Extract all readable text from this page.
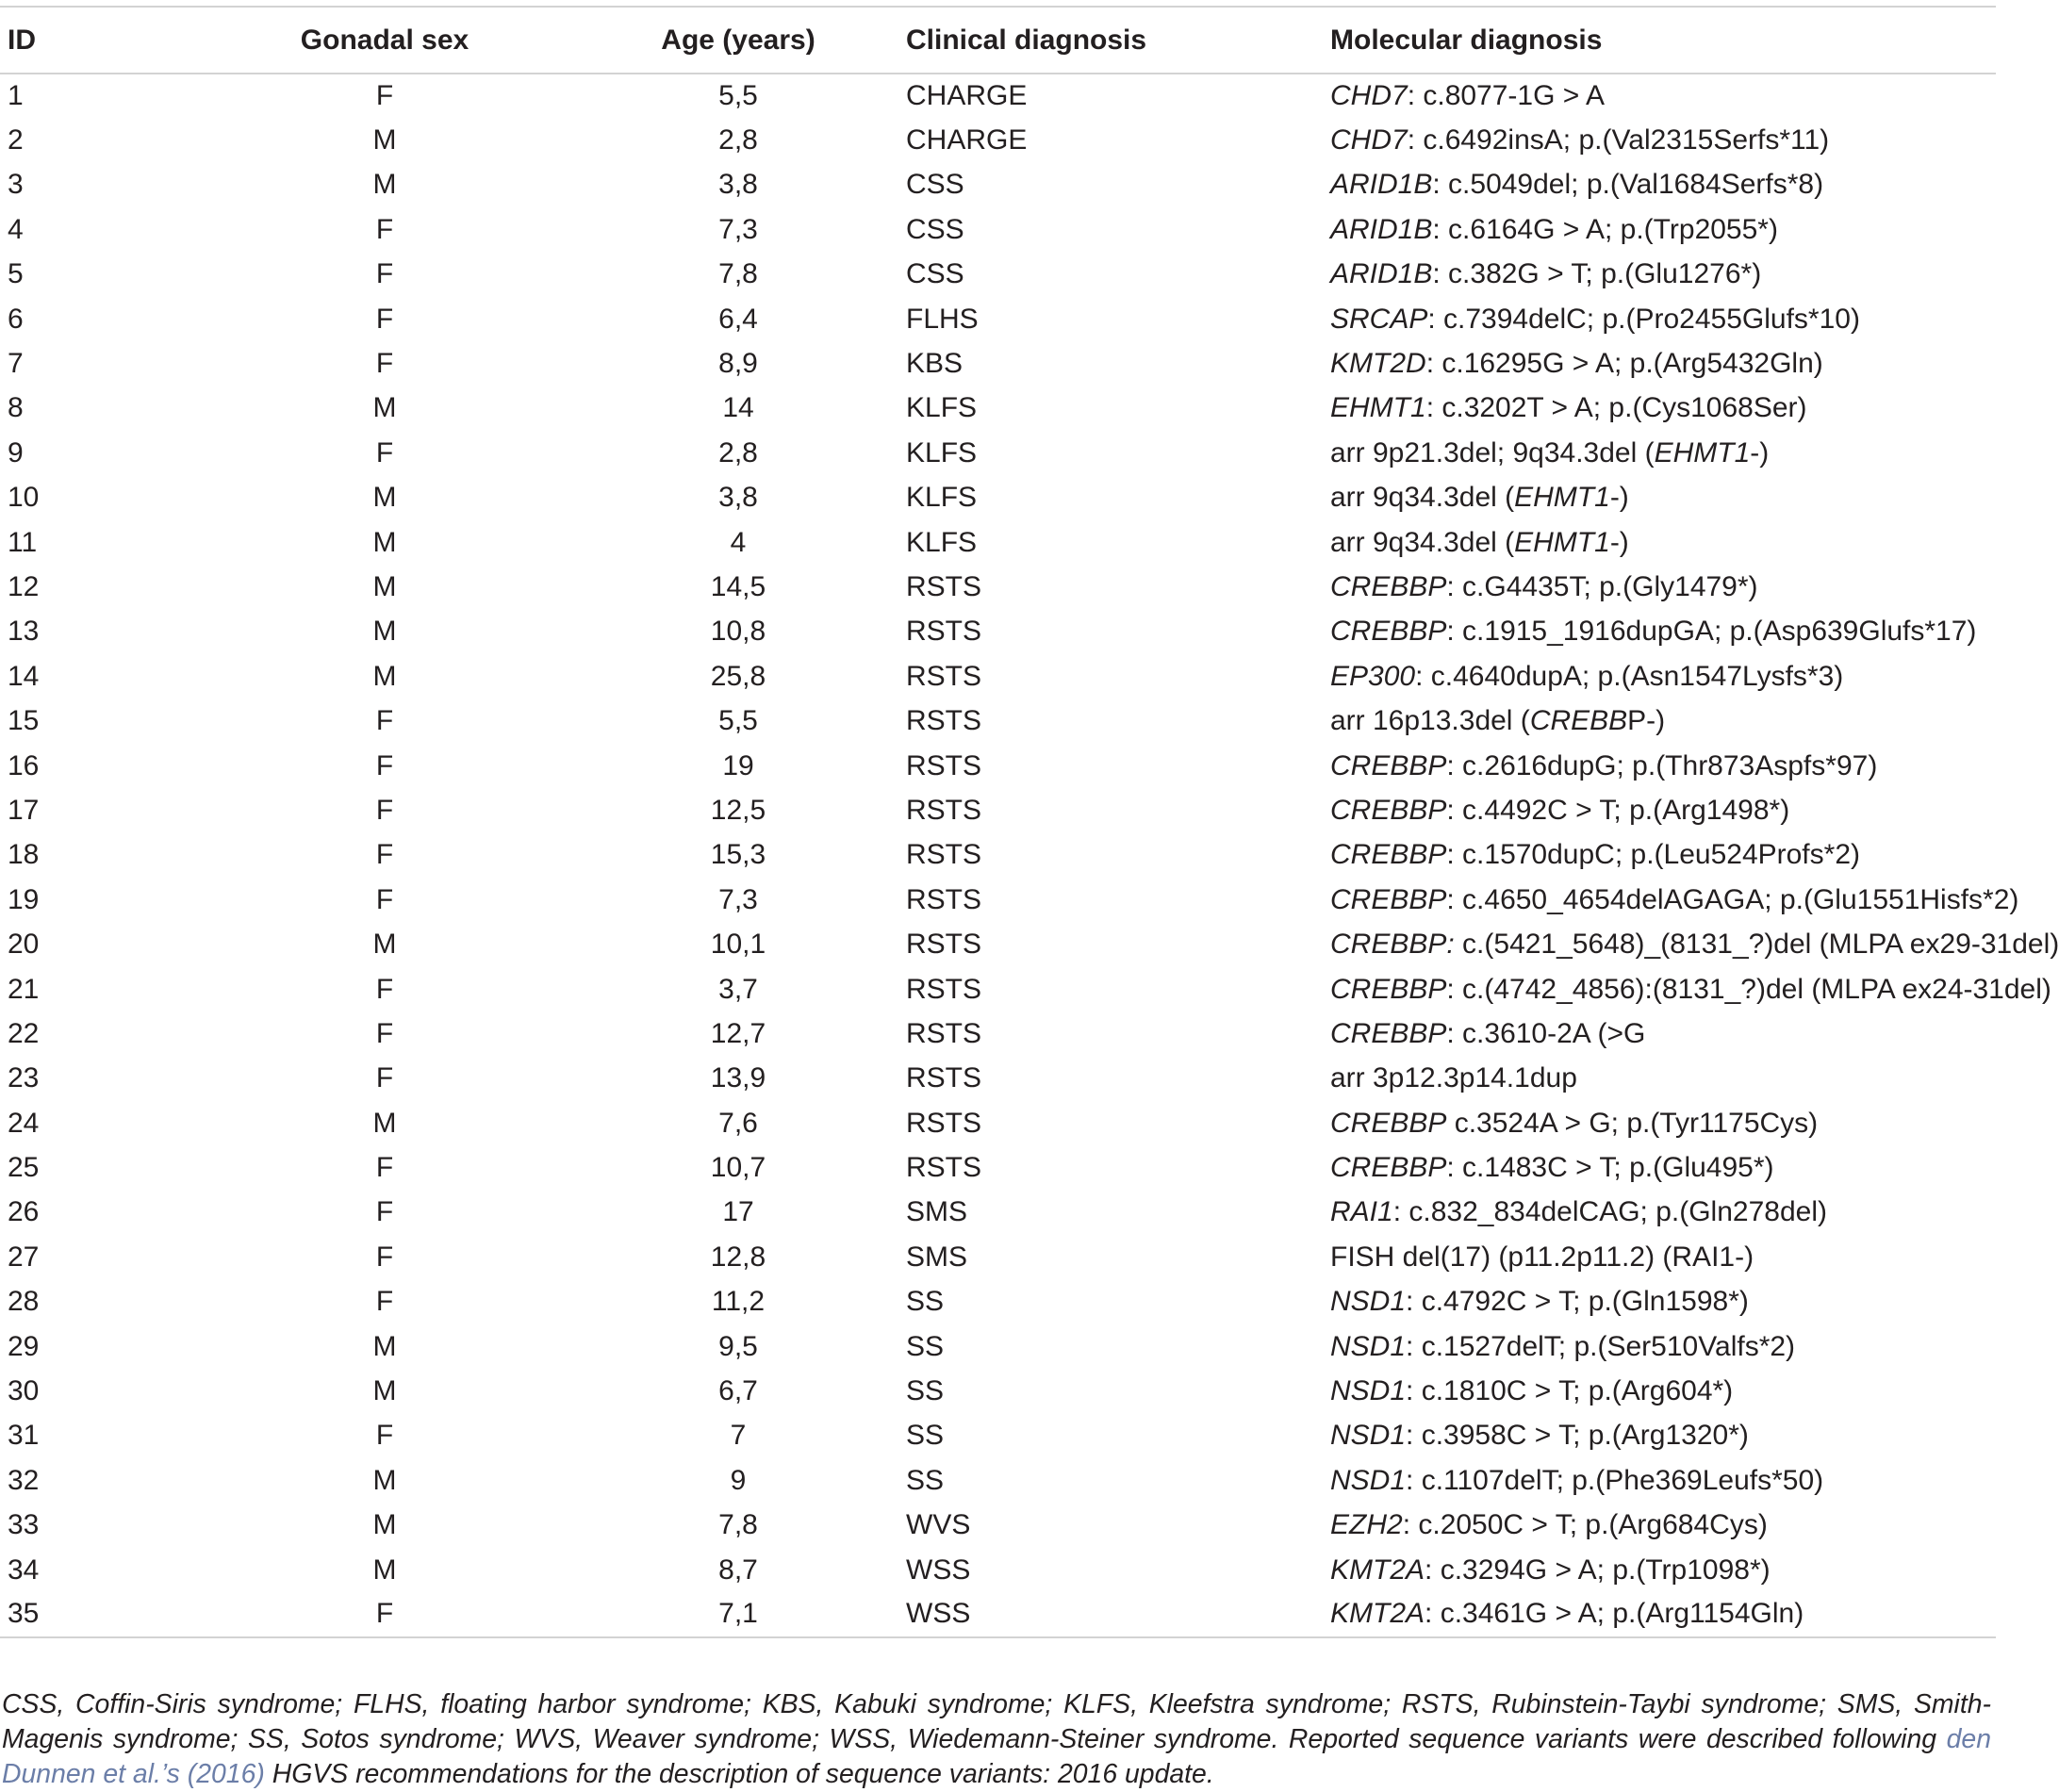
ID	Gonadal sex	Age (years)	Clinical diagnosis	Molecular diagnosis
1	F	5,5	CHARGE	CHD7: c.8077-1G > A
2	M	2,8	CHARGE	CHD7: c.6492insA; p.(Val2315Serfs*11)
3	M	3,8	CSS	ARID1B: c.5049del; p.(Val1684Serfs*8)
4	F	7,3	CSS	ARID1B: c.6164G > A; p.(Trp2055*)
5	F	7,8	CSS	ARID1B: c.382G > T; p.(Glu1276*)
6	F	6,4	FLHS	SRCAP: c.7394delC; p.(Pro2455Glufs*10)
7	F	8,9	KBS	KMT2D: c.16295G > A; p.(Arg5432Gln)
8	M	14	KLFS	EHMT1: c.3202T > A; p.(Cys1068Ser)
9	F	2,8	KLFS	arr 9p21.3del; 9q34.3del (EHMT1-)
10	M	3,8	KLFS	arr 9q34.3del (EHMT1-)
11	M	4	KLFS	arr 9q34.3del (EHMT1-)
12	M	14,5	RSTS	CREBBP: c.G4435T; p.(Gly1479*)
13	M	10,8	RSTS	CREBBP: c.1915_1916dupGA; p.(Asp639Glufs*17)
14	M	25,8	RSTS	EP300: c.4640dupA; p.(Asn1547Lysfs*3)
15	F	5,5	RSTS	arr 16p13.3del (CREBBP-)
16	F	19	RSTS	CREBBP: c.2616dupG; p.(Thr873Aspfs*97)
17	F	12,5	RSTS	CREBBP: c.4492C > T; p.(Arg1498*)
18	F	15,3	RSTS	CREBBP: c.1570dupC; p.(Leu524Profs*2)
19	F	7,3	RSTS	CREBBP: c.4650_4654delAGAGA; p.(Glu1551Hisfs*2)
20	M	10,1	RSTS	CREBBP: c.(5421_5648)_(8131_?)del (MLPA ex29-31del)
21	F	3,7	RSTS	CREBBP: c.(4742_4856):(8131_?)del (MLPA ex24-31del)
22	F	12,7	RSTS	CREBBP: c.3610-2A (>G
23	F	13,9	RSTS	arr 3p12.3p14.1dup
24	M	7,6	RSTS	CREBBP c.3524A > G; p.(Tyr1175Cys)
25	F	10,7	RSTS	CREBBP: c.1483C > T; p.(Glu495*)
26	F	17	SMS	RAI1: c.832_834delCAG; p.(Gln278del)
27	F	12,8	SMS	FISH del(17) (p11.2p11.2) (RAI1-)
28	F	11,2	SS	NSD1: c.4792C > T; p.(Gln1598*)
29	M	9,5	SS	NSD1: c.1527delT; p.(Ser510Valfs*2)
30	M	6,7	SS	NSD1: c.1810C > T; p.(Arg604*)
31	F	7	SS	NSD1: c.3958C > T; p.(Arg1320*)
32	M	9	SS	NSD1: c.1107delT; p.(Phe369Leufs*50)
33	M	7,8	WVS	EZH2: c.2050C > T; p.(Arg684Cys)
34	M	8,7	WSS	KMT2A: c.3294G > A; p.(Trp1098*)
35	F	7,1	WSS	KMT2A: c.3461G > A; p.(Arg1154Gln)

CSS, Coffin-Siris syndrome; FLHS, floating harbor syndrome; KBS, Kabuki syndrome; KLFS, Kleefstra syndrome; RSTS, Rubinstein-Taybi syndrome; SMS, Smith-Magenis syndrome; SS, Sotos syndrome; WVS, Weaver syndrome; WSS, Wiedemann-Steiner syndrome. Reported sequence variants were described following den Dunnen et al.’s (2016) HGVS recommendations for the description of sequence variants: 2016 update.
